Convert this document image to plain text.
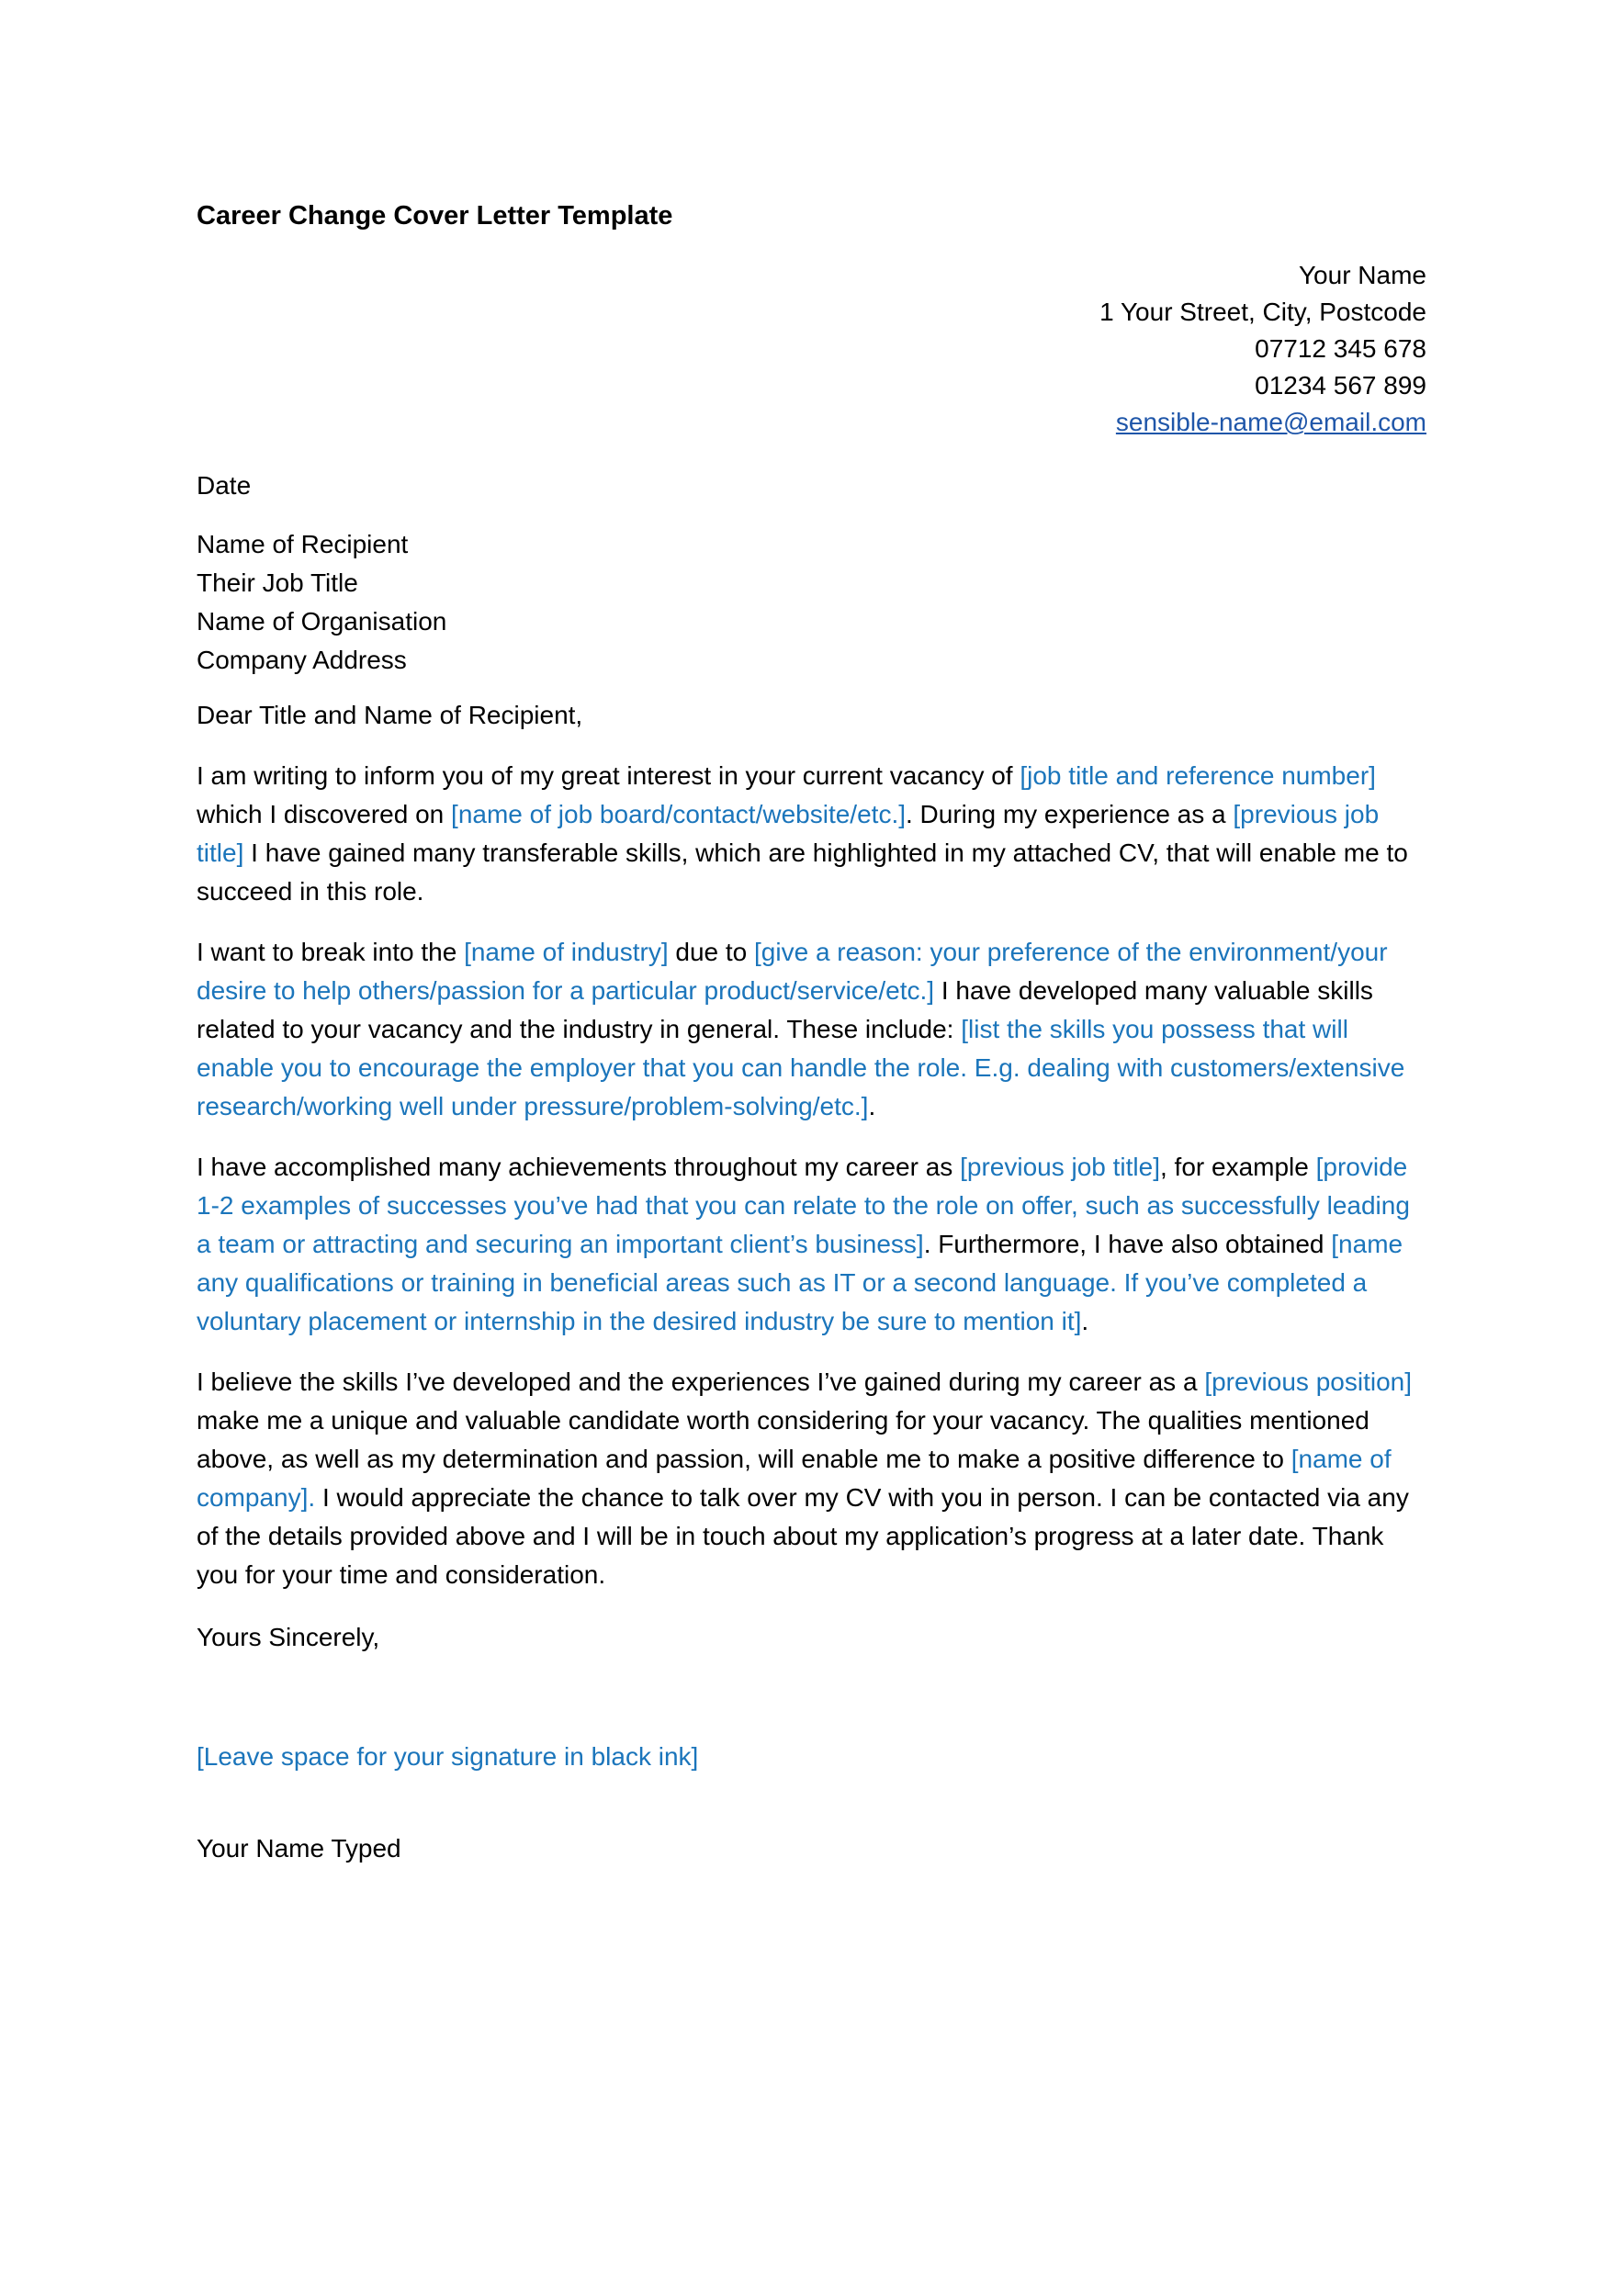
Career Change Cover Letter Template
Your Name
1 Your Street, City, Postcode
07712 345 678
01234 567 899
sensible-name@email.com
Date
Name of Recipient
Their Job Title
Name of Organisation
Company Address
Dear Title and Name of Recipient,

I am writing to inform you of my great interest in your current vacancy of [job title and reference number] which I discovered on [name of job board/contact/website/etc.]. During my experience as a [previous job title] I have gained many transferable skills, which are highlighted in my attached CV, that will enable me to succeed in this role.

I want to break into the [name of industry] due to [give a reason: your preference of the environment/your desire to help others/passion for a particular product/service/etc.] I have developed many valuable skills related to your vacancy and the industry in general. These include: [list the skills you possess that will enable you to encourage the employer that you can handle the role. E.g. dealing with customers/extensive research/working well under pressure/problem-solving/etc.].

I have accomplished many achievements throughout my career as [previous job title], for example [provide 1-2 examples of successes you’ve had that you can relate to the role on offer, such as successfully leading a team or attracting and securing an important client’s business]. Furthermore, I have also obtained [name any qualifications or training in beneficial areas such as IT or a second language. If you’ve completed a voluntary placement or internship in the desired industry be sure to mention it].

I believe the skills I’ve developed and the experiences I’ve gained during my career as a [previous position] make me a unique and valuable candidate worth considering for your vacancy. The qualities mentioned above, as well as my determination and passion, will enable me to make a positive difference to [name of company]. I would appreciate the chance to talk over my CV with you in person. I can be contacted via any of the details provided above and I will be in touch about my application’s progress at a later date. Thank you for your time and consideration.

Yours Sincerely,
[Leave space for your signature in black ink]
Your Name Typed
